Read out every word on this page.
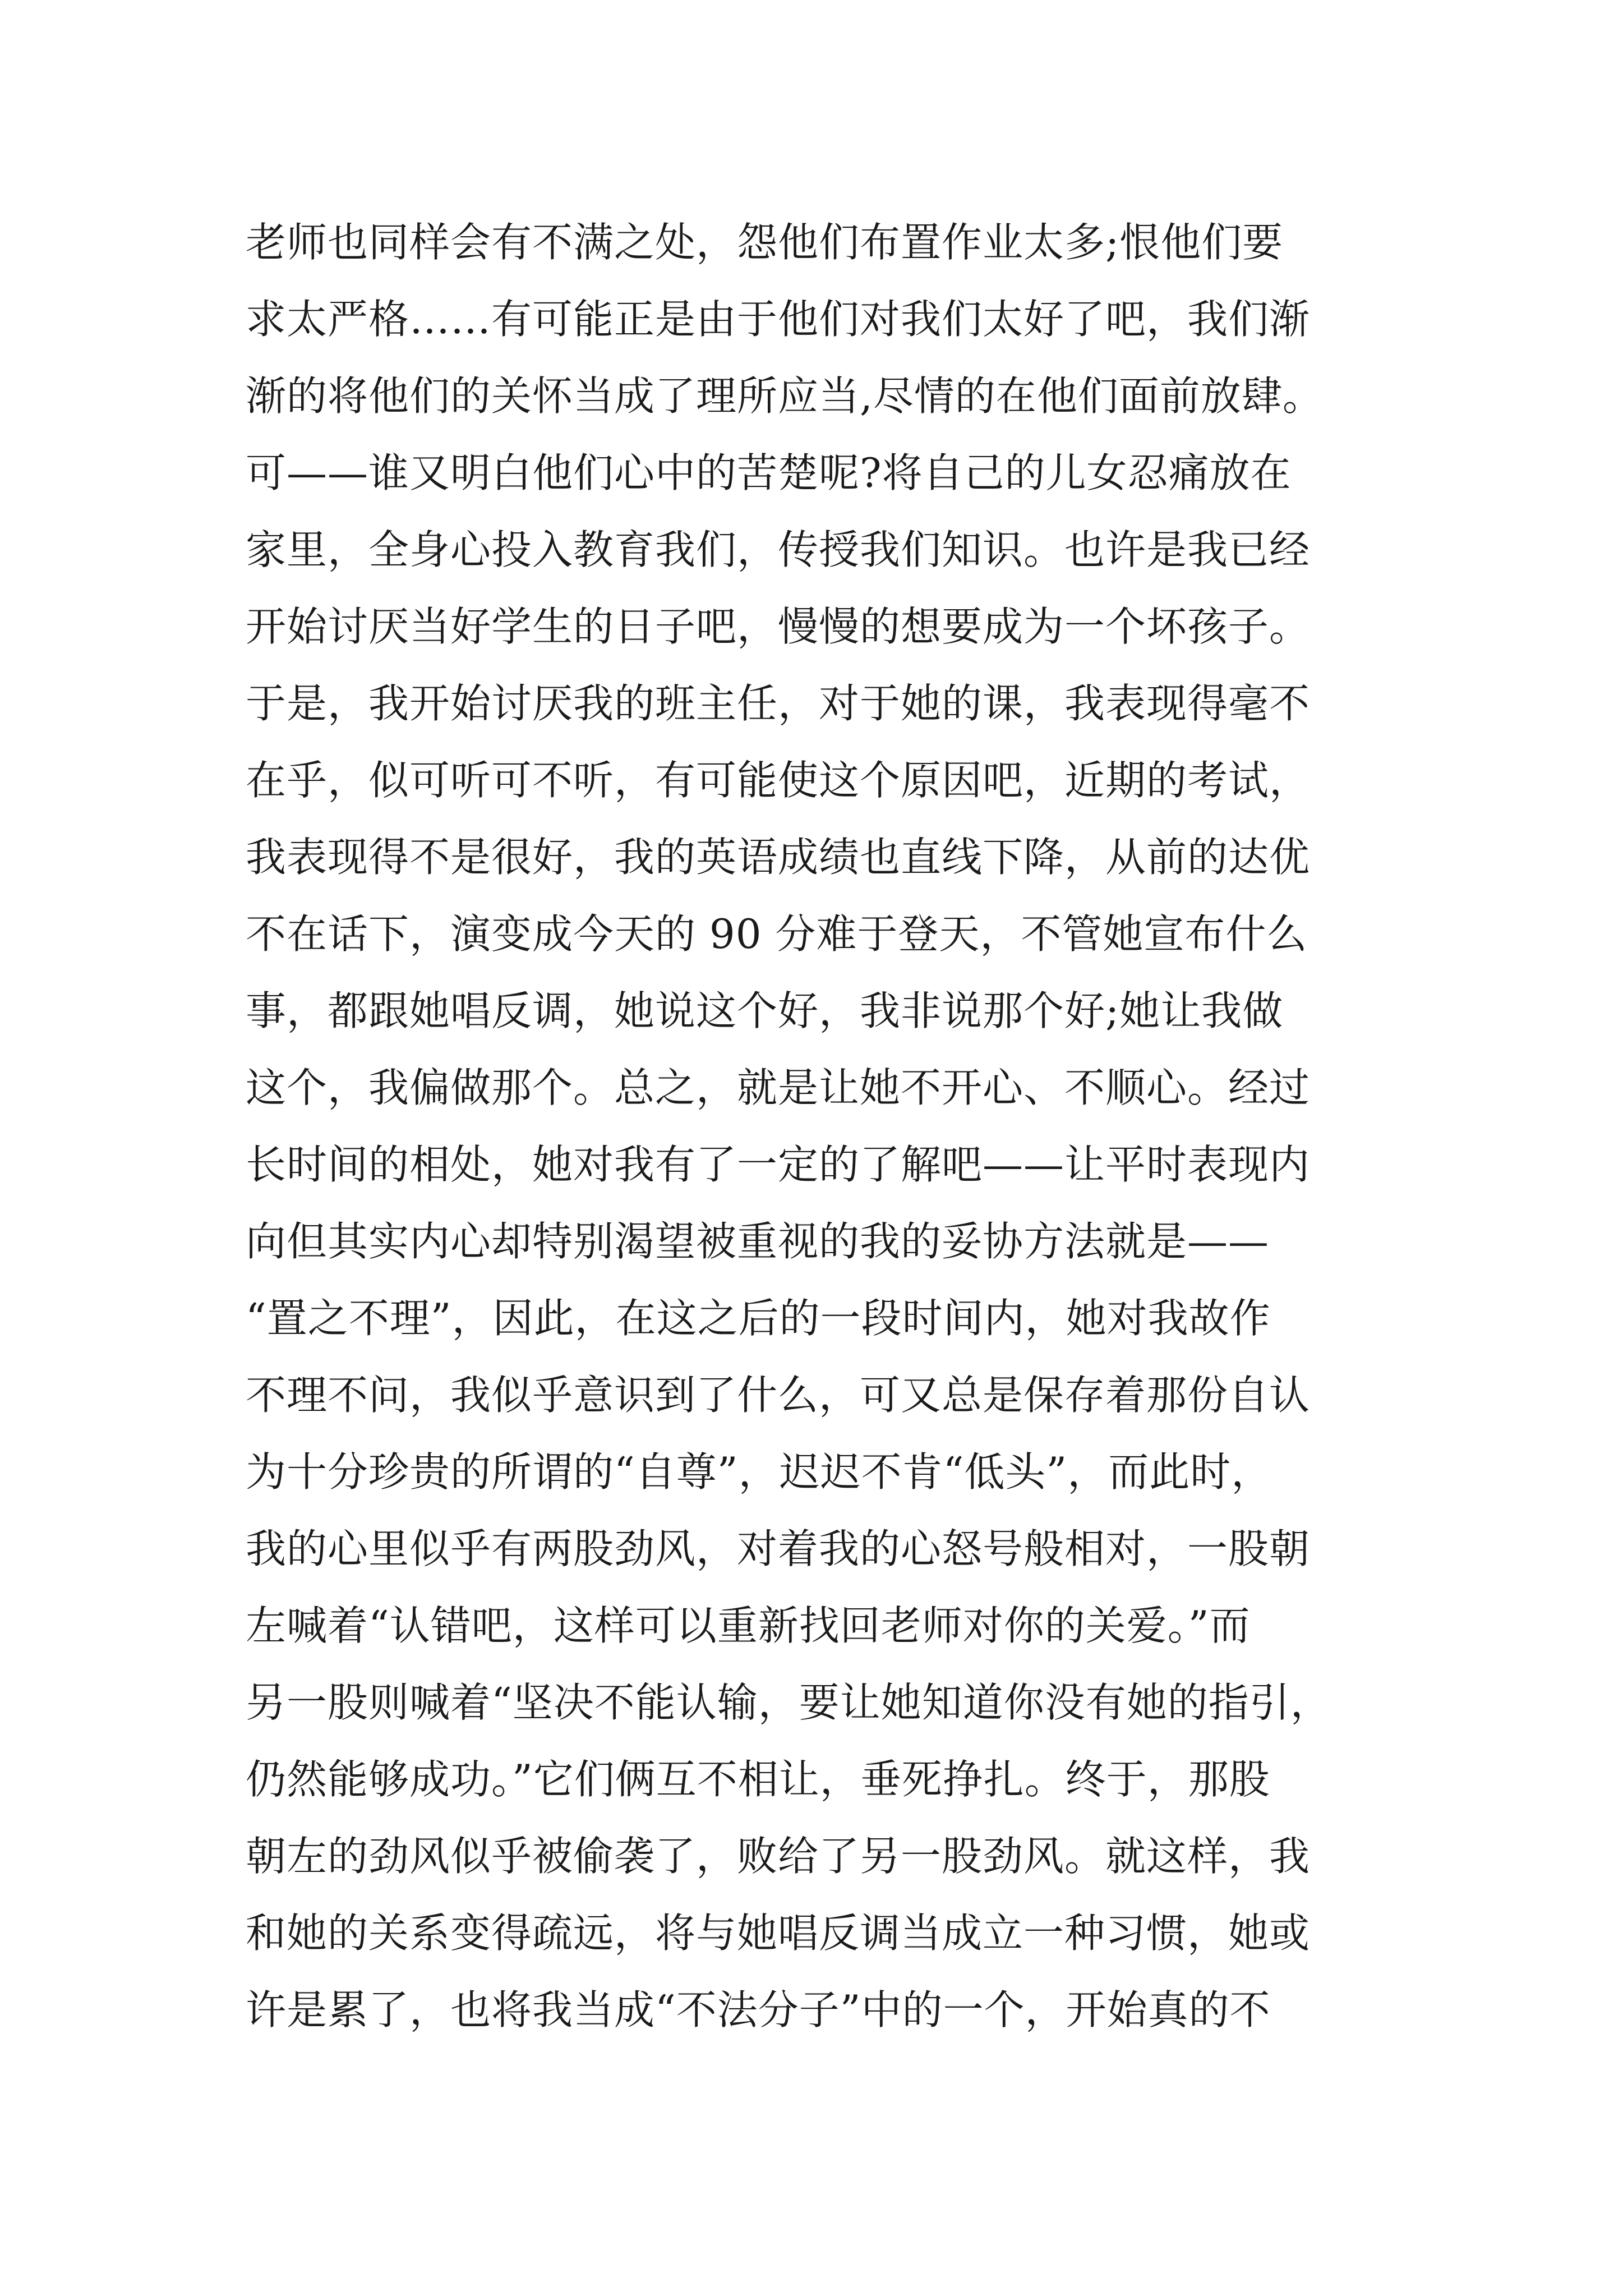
老师也同样会有不满之处，怨他们布置作业太多;恨他们要
求太严格……有可能正是由于他们对我们太好了吧，我们渐
渐的将他们的关怀当成了理所应当,尽情的在他们面前放肆。
可——谁又明白他们心中的苦楚呢?将自己的儿女忍痛放在
家里，全身心投入教育我们，传授我们知识。也许是我已经
开始讨厌当好学生的日子吧，慢慢的想要成为一个坏孩子。
于是，我开始讨厌我的班主任，对于她的课，我表现得毫不
在乎，似可听可不听，有可能使这个原因吧，近期的考试，
我表现得不是很好，我的英语成绩也直线下降，从前的达优
不在话下，演变成今天的 90 分难于登天，不管她宣布什么
事，都跟她唱反调，她说这个好，我非说那个好;她让我做
这个，我偏做那个。总之，就是让她不开心、不顺心。经过
长时间的相处，她对我有了一定的了解吧——让平时表现内
向但其实内心却特别渴望被重视的我的妥协方法就是——
“置之不理”，因此，在这之后的一段时间内，她对我故作
不理不问，我似乎意识到了什么，可又总是保存着那份自认
为十分珍贵的所谓的“自尊”，迟迟不肯“低头”，而此时，
我的心里似乎有两股劲风，对着我的心怒号般相对，一股朝
左喊着“认错吧，这样可以重新找回老师对你的关爱。”而
另一股则喊着“坚决不能认输，要让她知道你没有她的指引，
仍然能够成功。”它们俩互不相让，垂死挣扎。终于，那股
朝左的劲风似乎被偷袭了，败给了另一股劲风。就这样，我
和她的关系变得疏远，将与她唱反调当成立一种习惯，她或
许是累了，也将我当成“不法分子”中的一个，开始真的不
